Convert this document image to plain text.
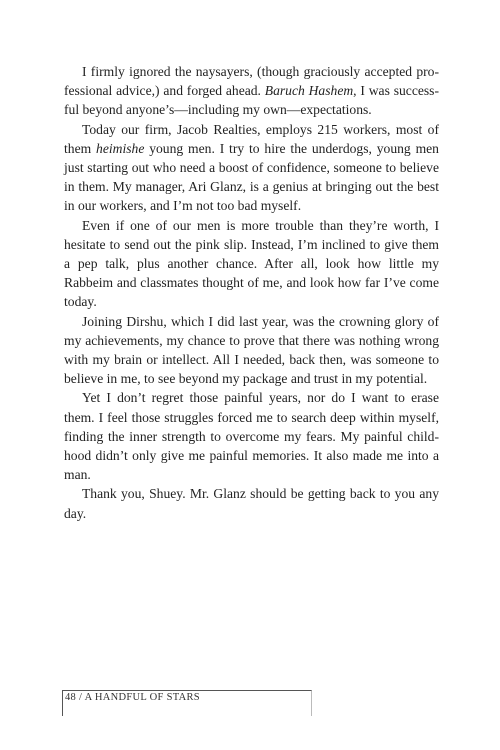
I firmly ignored the naysayers, (though graciously accepted professional advice,) and forged ahead. Baruch Hashem, I was successful beyond anyone’s—including my own—expectations.

Today our firm, Jacob Realties, employs 215 workers, most of them heimishe young men. I try to hire the underdogs, young men just starting out who need a boost of confidence, someone to believe in them. My manager, Ari Glanz, is a genius at bringing out the best in our workers, and I’m not too bad myself.

Even if one of our men is more trouble than they’re worth, I hesitate to send out the pink slip. Instead, I’m inclined to give them a pep talk, plus another chance. After all, look how little my Rabbeim and classmates thought of me, and look how far I’ve come today.

Joining Dirshu, which I did last year, was the crowning glory of my achievements, my chance to prove that there was nothing wrong with my brain or intellect. All I needed, back then, was someone to believe in me, to see beyond my package and trust in my potential.

Yet I don’t regret those painful years, nor do I want to erase them. I feel those struggles forced me to search deep within myself, finding the inner strength to overcome my fears. My painful childhood didn’t only give me painful memories. It also made me into a man.

Thank you, Shuey. Mr. Glanz should be getting back to you any day.

48 / A HANDFUL OF STARS
